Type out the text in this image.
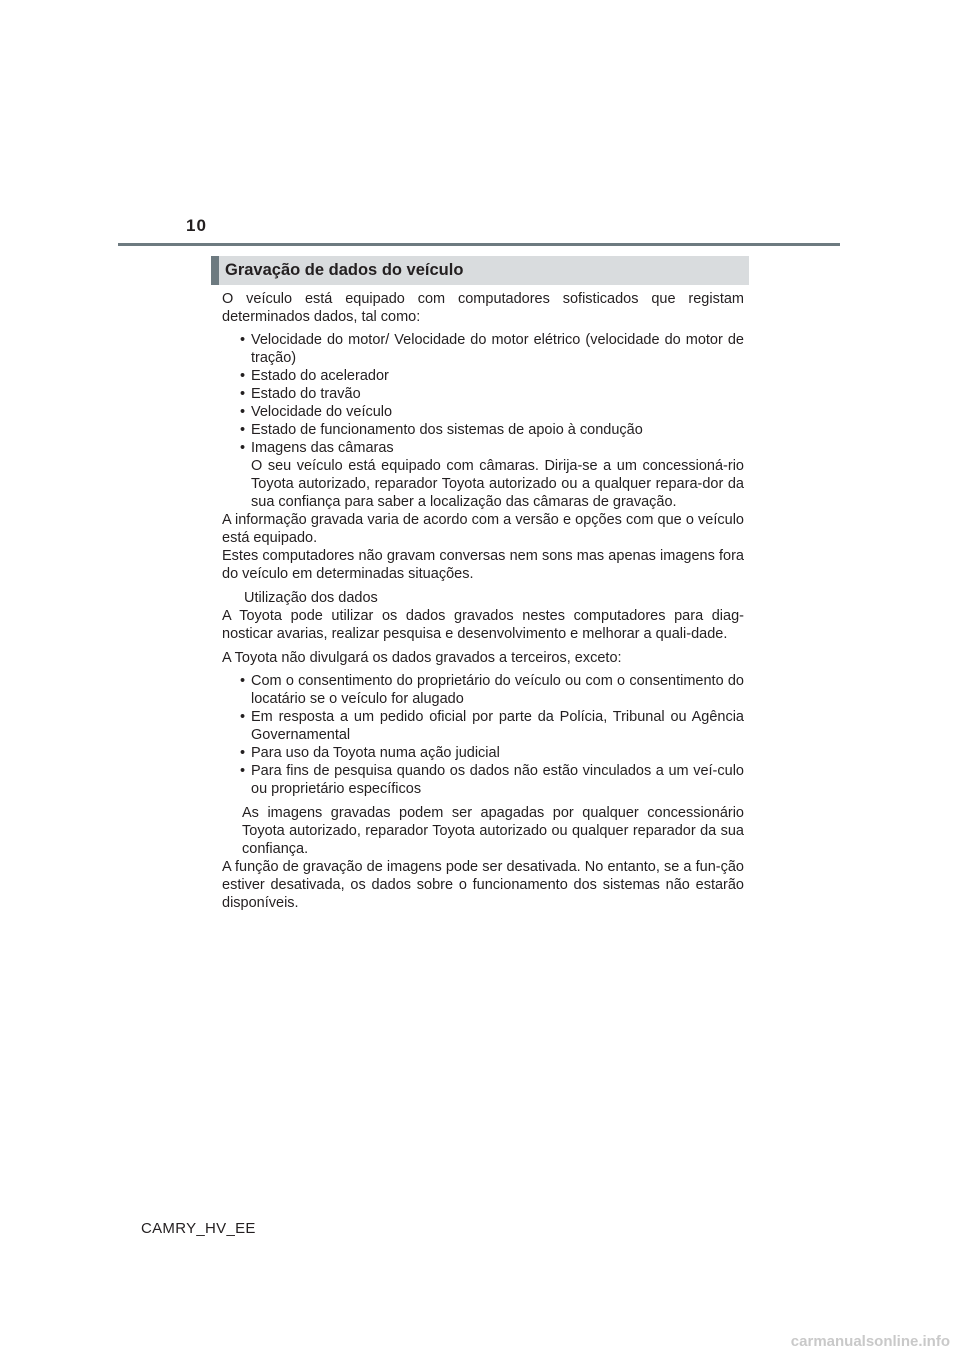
10
Gravação de dados do veículo

O veículo está equipado com computadores sofisticados que registam determinados dados, tal como:

• Velocidade do motor/ Velocidade do motor elétrico (velocidade do motor de tração)
• Estado do acelerador
• Estado do travão
• Velocidade do veículo
• Estado de funcionamento dos sistemas de apoio à condução
• Imagens das câmaras
O seu veículo está equipado com câmaras. Dirija-se a um concessioná-rio Toyota autorizado, reparador Toyota autorizado ou a qualquer repara-dor da sua confiança para saber a localização das câmaras de gravação.

A informação gravada varia de acordo com a versão e opções com que o veículo está equipado.

Estes computadores não gravam conversas nem sons mas apenas imagens fora do veículo em determinadas situações.

Utilização dos dados

A Toyota pode utilizar os dados gravados nestes computadores para diag-nosticar avarias, realizar pesquisa e desenvolvimento e melhorar a quali-dade.

A Toyota não divulgará os dados gravados a terceiros, exceto:

• Com o consentimento do proprietário do veículo ou com o consentimento do locatário se o veículo for alugado
• Em resposta a um pedido oficial por parte da Polícia, Tribunal ou Agência Governamental
• Para uso da Toyota numa ação judicial
• Para fins de pesquisa quando os dados não estão vinculados a um veí-culo ou proprietário específicos

As imagens gravadas podem ser apagadas por qualquer concessionário Toyota autorizado, reparador Toyota autorizado ou qualquer reparador da sua confiança.

A função de gravação de imagens pode ser desativada. No entanto, se a fun-ção estiver desativada, os dados sobre o funcionamento dos sistemas não estarão disponíveis.

CAMRY_HV_EE
carmanualsonline.info
